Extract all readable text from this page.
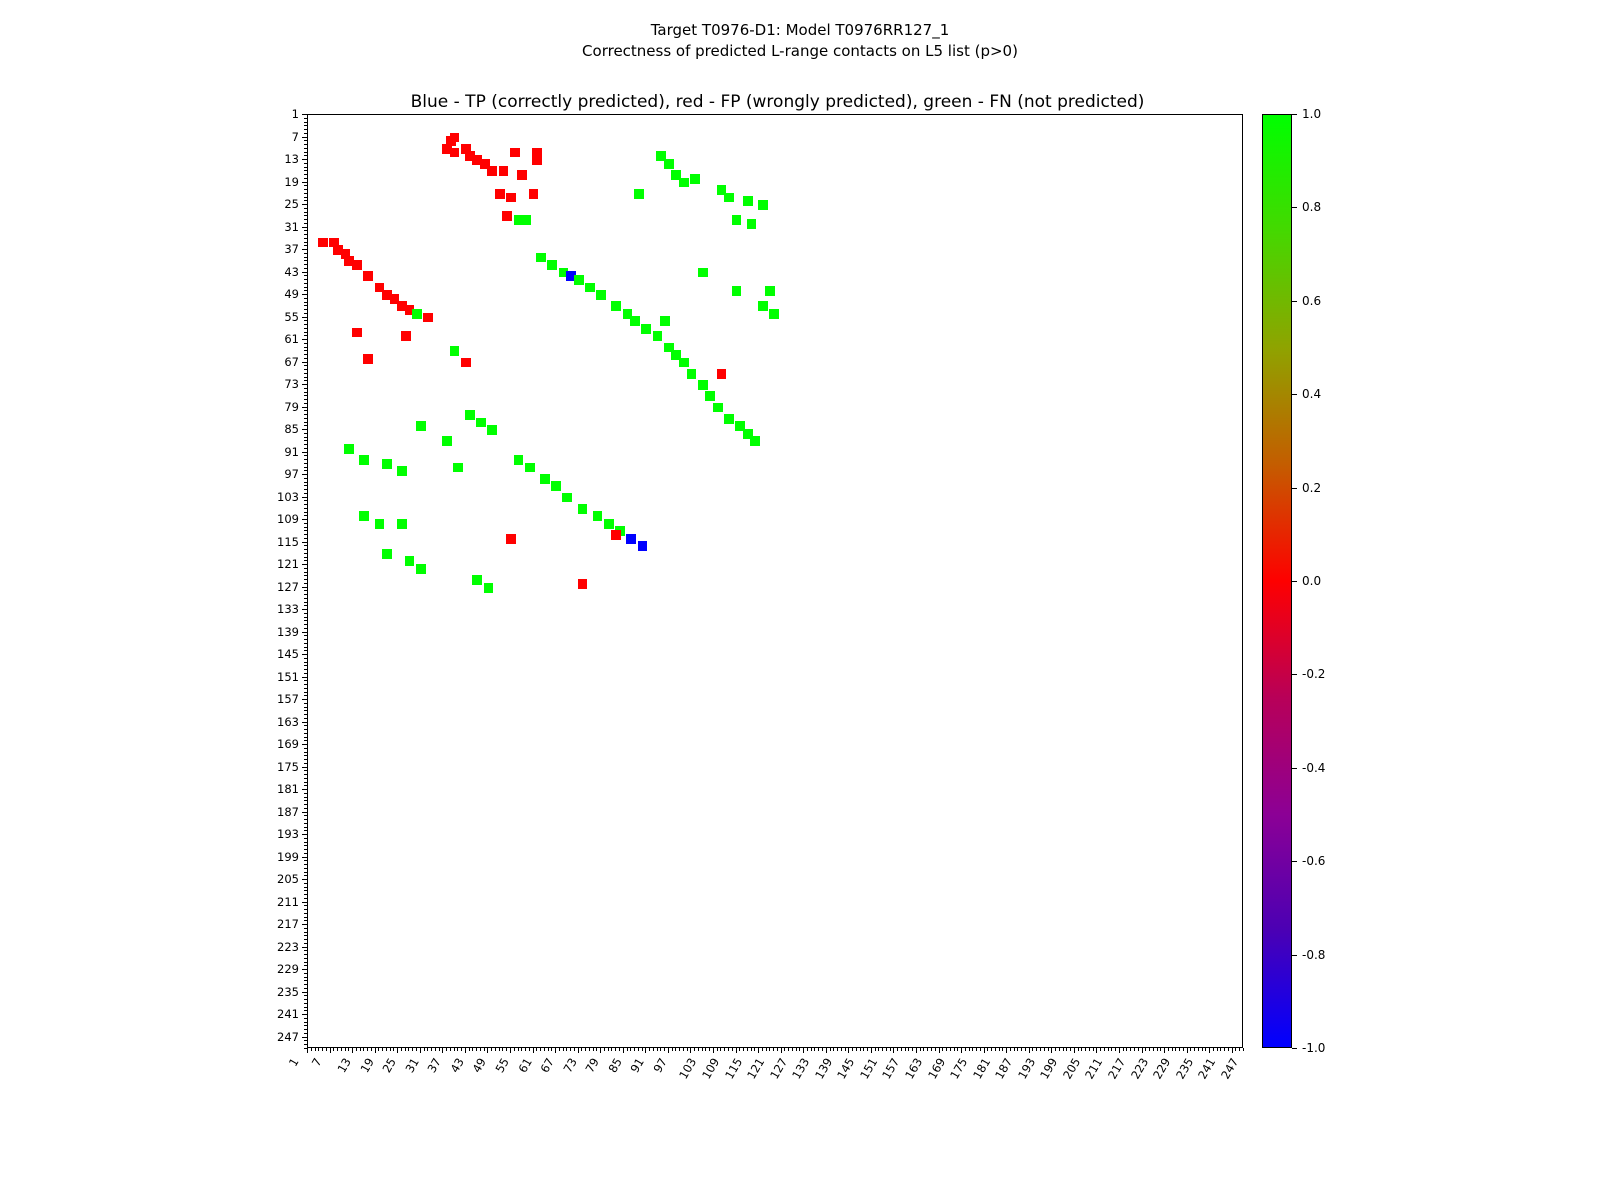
Target T0976-D1: Model T0976RR127_1
Correctness of predicted L-range contacts on L5 list (p>0)
Blue - TP (correctly predicted), red - FP (wrongly predicted), green - FN (not predicted)
1
7
13
19
25
31
37
43
49
55
61
67
73
79
85
91
97
103
109
115
121
127
133
139
145
151
157
163
169
175
181
187
193
199
205
211
217
223
229
235
241
247
1 7 13 19 25 31 37 43 49 55 61 67 73 79 85 91 97 103 109 115 121 127 133 139 145 151 157 163 169 175 181 187 193 199 205 211 217 223 229 235 241 247
1.0
0.8
0.6
0.4
0.2
0.0
-0.2
-0.4
-0.6
-0.8
-1.0
